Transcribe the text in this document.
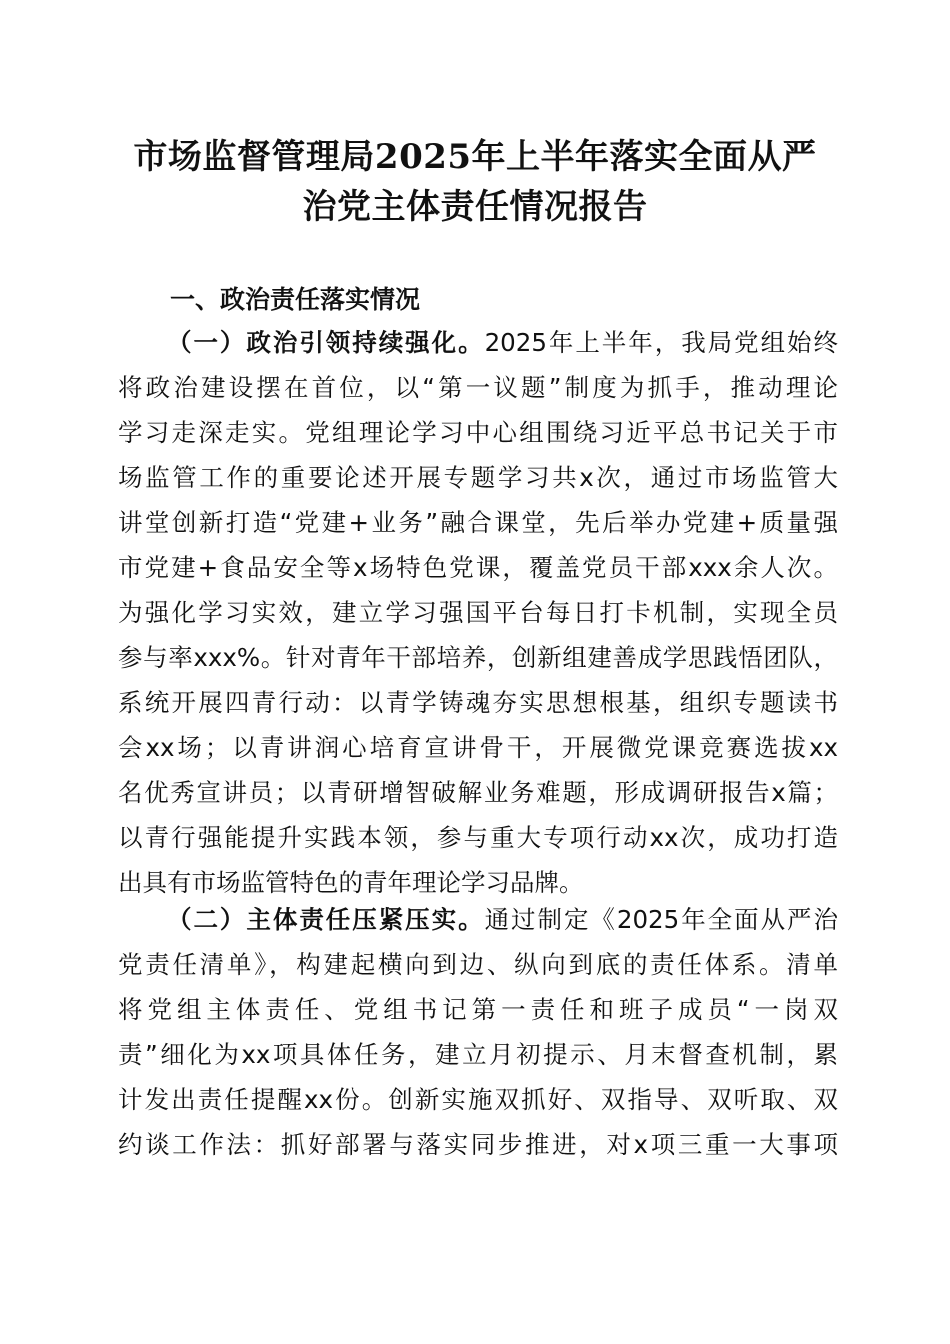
市场监督管理局2025年上半年落实全面从严
治党主体责任情况报告
一、政治责任落实情况
（一）政治引领持续强化。2025年上半年，我局党组始终
将政治建设摆在首位，以“第一议题”制度为抓手，推动理论
学习走深走实。党组理论学习中心组围绕习近平总书记关于市
场监管工作的重要论述开展专题学习共x次，通过市场监管大
讲堂创新打造“党建+业务”融合课堂，先后举办党建+质量强
市党建+食品安全等x场特色党课，覆盖党员干部xxx余人次。
为强化学习实效，建立学习强国平台每日打卡机制，实现全员
参与率xxx%。针对青年干部培养，创新组建善成学思践悟团队，
系统开展四青行动：以青学铸魂夯实思想根基，组织专题读书
会xx场；以青讲润心培育宣讲骨干，开展微党课竞赛选拔xx
名优秀宣讲员；以青研增智破解业务难题，形成调研报告x篇；
以青行强能提升实践本领，参与重大专项行动xx次，成功打造
出具有市场监管特色的青年理论学习品牌。
（二）主体责任压紧压实。通过制定《2025年全面从严治
党责任清单》，构建起横向到边、纵向到底的责任体系。清单
将党组主体责任、党组书记第一责任和班子成员“一岗双
责”细化为xx项具体任务，建立月初提示、月末督查机制，累
计发出责任提醒xx份。创新实施双抓好、双指导、双听取、双
约谈工作法：抓好部署与落实同步推进，对x项三重一大事项
